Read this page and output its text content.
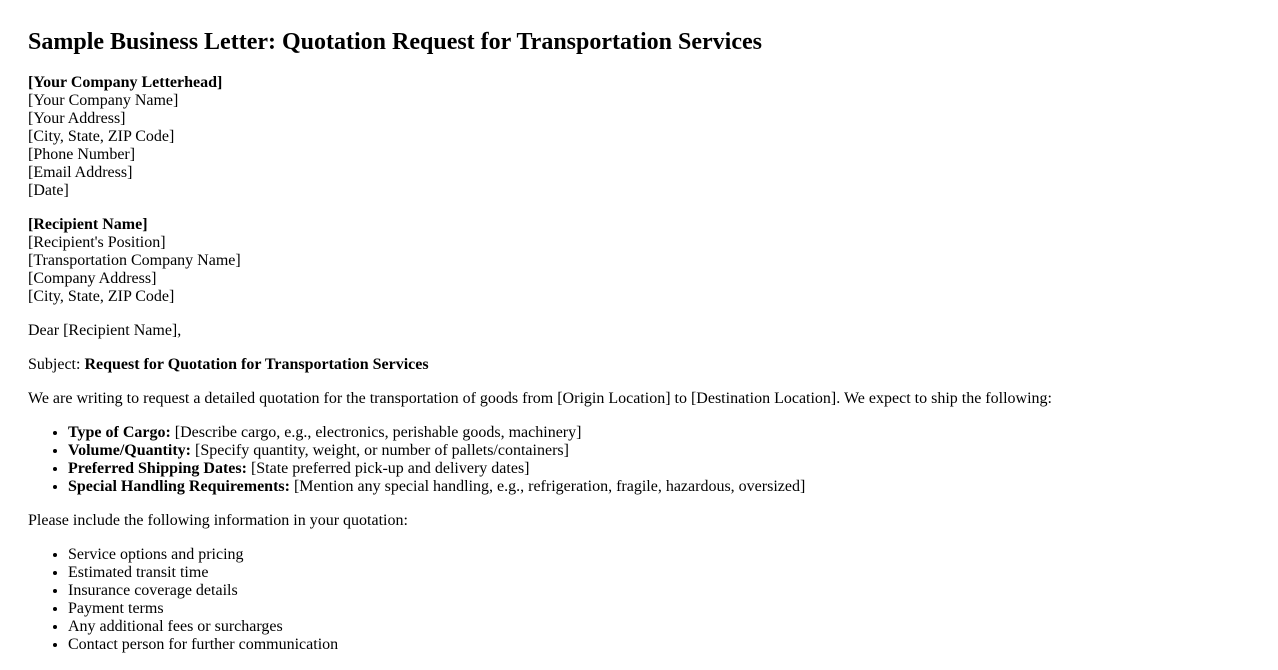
Sample Business Letter: Quotation Request for Transportation Services
[Your Company Letterhead]
[Your Company Name]
[Your Address]
[City, State, ZIP Code]
[Phone Number]
[Email Address]
[Date]
[Recipient Name]
[Recipient's Position]
[Transportation Company Name]
[Company Address]
[City, State, ZIP Code]

Dear [Recipient Name],

Subject: Request for Quotation for Transportation Services

We are writing to request a detailed quotation for the transportation of goods from [Origin Location] to [Destination Location]. We expect to ship the following:

• Type of Cargo: [Describe cargo, e.g., electronics, perishable goods, machinery]
• Volume/Quantity: [Specify quantity, weight, or number of pallets/containers]
• Preferred Shipping Dates: [State preferred pick-up and delivery dates]
• Special Handling Requirements: [Mention any special handling, e.g., refrigeration, fragile, hazardous, oversized]

Please include the following information in your quotation:

• Service options and pricing
• Estimated transit time
• Insurance coverage details
• Payment terms
• Any additional fees or surcharges
• Contact person for further communication
